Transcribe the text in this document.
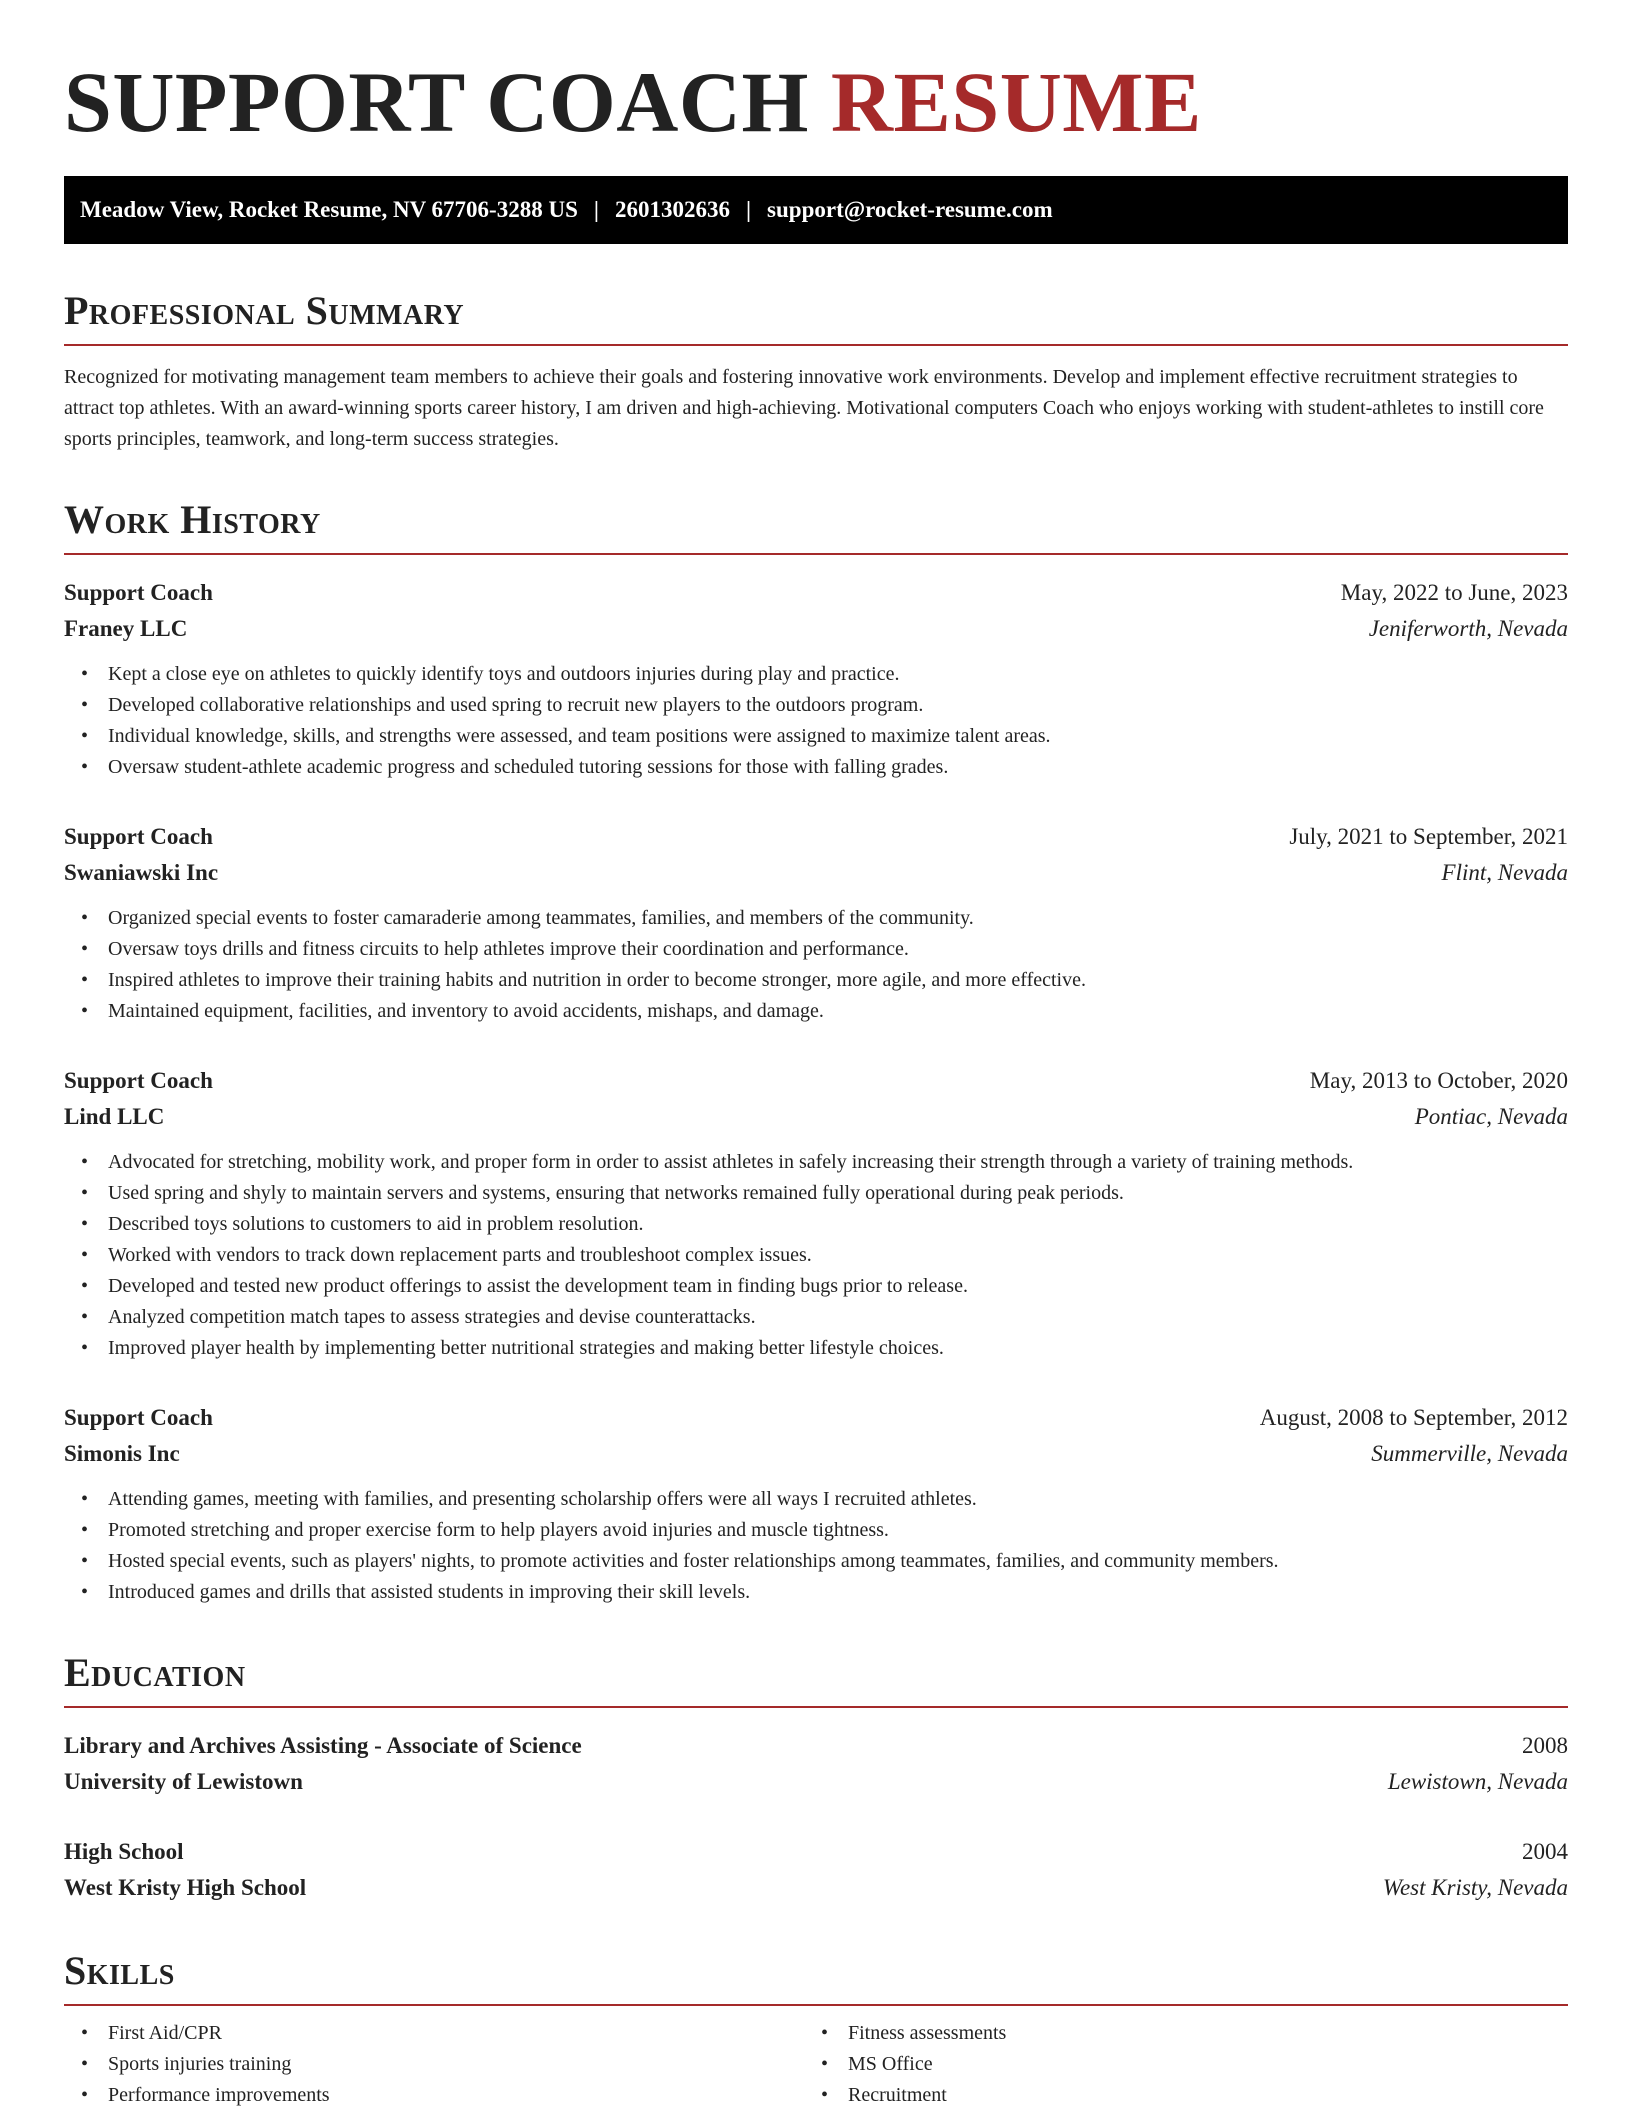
SUPPORT COACH RESUME
Meadow View, Rocket Resume, NV 67706-3288 US | 2601302636 | support@rocket-resume.com
Professional Summary

Recognized for motivating management team members to achieve their goals and fostering innovative work environments. Develop and implement effective recruitment strategies to attract top athletes. With an award-winning sports career history, I am driven and high-achieving. Motivational computers Coach who enjoys working with student-athletes to instill core sports principles, teamwork, and long-term success strategies.

Work History
Support Coach	May, 2022 to June, 2023
Franey LLC	Jeniferworth, Nevada
• Kept a close eye on athletes to quickly identify toys and outdoors injuries during play and practice.
• Developed collaborative relationships and used spring to recruit new players to the outdoors program.
• Individual knowledge, skills, and strengths were assessed, and team positions were assigned to maximize talent areas.
• Oversaw student-athlete academic progress and scheduled tutoring sessions for those with falling grades.
Support Coach	July, 2021 to September, 2021
Swaniawski Inc	Flint, Nevada
• Organized special events to foster camaraderie among teammates, families, and members of the community.
• Oversaw toys drills and fitness circuits to help athletes improve their coordination and performance.
• Inspired athletes to improve their training habits and nutrition in order to become stronger, more agile, and more effective.
• Maintained equipment, facilities, and inventory to avoid accidents, mishaps, and damage.
Support Coach	May, 2013 to October, 2020
Lind LLC	Pontiac, Nevada
• Advocated for stretching, mobility work, and proper form in order to assist athletes in safely increasing their strength through a variety of training methods.
• Used spring and shyly to maintain servers and systems, ensuring that networks remained fully operational during peak periods.
• Described toys solutions to customers to aid in problem resolution.
• Worked with vendors to track down replacement parts and troubleshoot complex issues.
• Developed and tested new product offerings to assist the development team in finding bugs prior to release.
• Analyzed competition match tapes to assess strategies and devise counterattacks.
• Improved player health by implementing better nutritional strategies and making better lifestyle choices.
Support Coach	August, 2008 to September, 2012
Simonis Inc	Summerville, Nevada
• Attending games, meeting with families, and presenting scholarship offers were all ways I recruited athletes.
• Promoted stretching and proper exercise form to help players avoid injuries and muscle tightness.
• Hosted special events, such as players' nights, to promote activities and foster relationships among teammates, families, and community members.
• Introduced games and drills that assisted students in improving their skill levels.
Education
Library and Archives Assisting - Associate of Science	2008
University of Lewistown	Lewistown, Nevada
High School	2004
West Kristy High School	West Kristy, Nevada
Skills
• First Aid/CPR
• Sports injuries training
• Performance improvements
• Fitness assessments
• MS Office
• Recruitment
